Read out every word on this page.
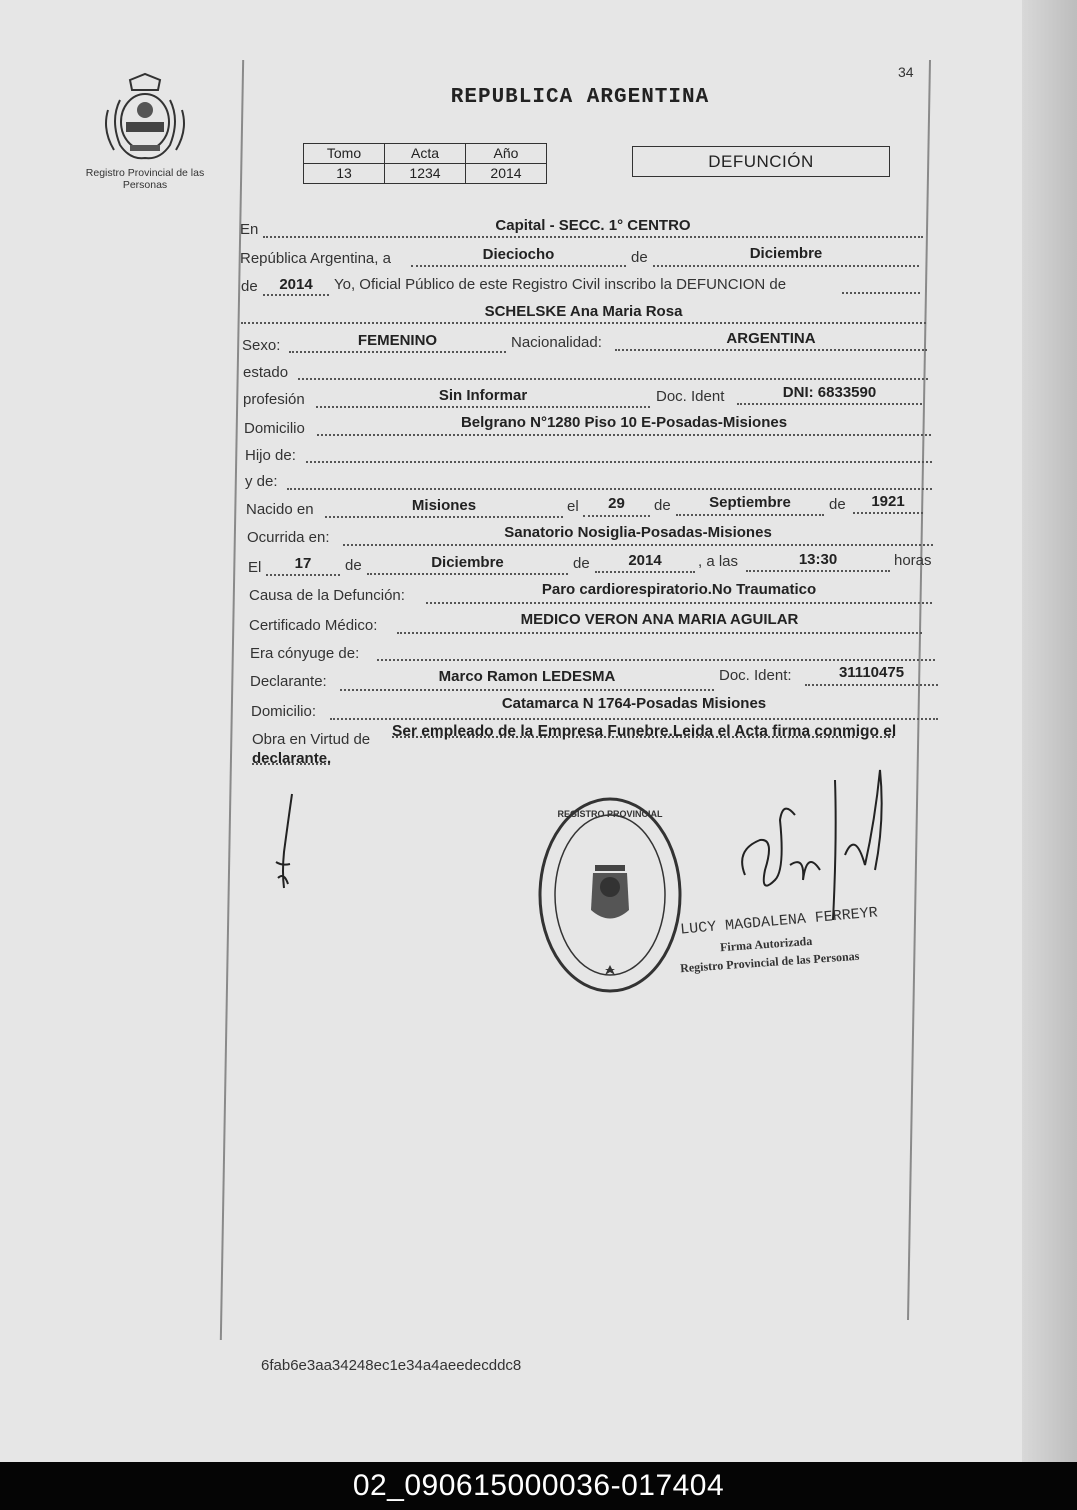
Registro Provincial de las Personas
34
REPUBLICA ARGENTINA
Tomo	Acta	Año
13	1234	2014
DEFUNCIÓN
En	Capital - SECC. 1° CENTRO
República Argentina, a	Dieciocho	de	Diciembre
de	2014	Yo, Oficial Público de este Registro Civil inscribo la DEFUNCION de
SCHELSKE Ana Maria Rosa
Sexo:	FEMENINO	Nacionalidad:	ARGENTINA
estado
profesión	Sin Informar	Doc. Ident	DNI: 6833590
Domicilio	Belgrano N°1280 Piso 10 E-Posadas-Misiones
Hijo de:
y de:
Nacido en	Misiones	el	29	de	Septiembre	de	1921
Ocurrida en:	Sanatorio Nosiglia-Posadas-Misiones
El	17	de	Diciembre	de	2014	, a las	13:30	horas
Causa de la Defunción:	Paro cardiorespiratorio.No Traumatico
Certificado Médico:	MEDICO VERON ANA MARIA AGUILAR
Era cónyuge de:
Declarante:	Marco Ramon LEDESMA	Doc. Ident:	31110475
Domicilio:	Catamarca N 1764-Posadas Misiones
Obra en Virtud de Ser empleado de la Empresa Funebre.Leida el Acta firma conmigo el
declarante.
REGISTRO PROVINCIAL
LUCY MAGDALENA FERREYR
Firma Autorizada
Registro Provincial de las Personas
6fab6e3aa34248ec1e34a4aeedecddc8
02_090615000036-017404
